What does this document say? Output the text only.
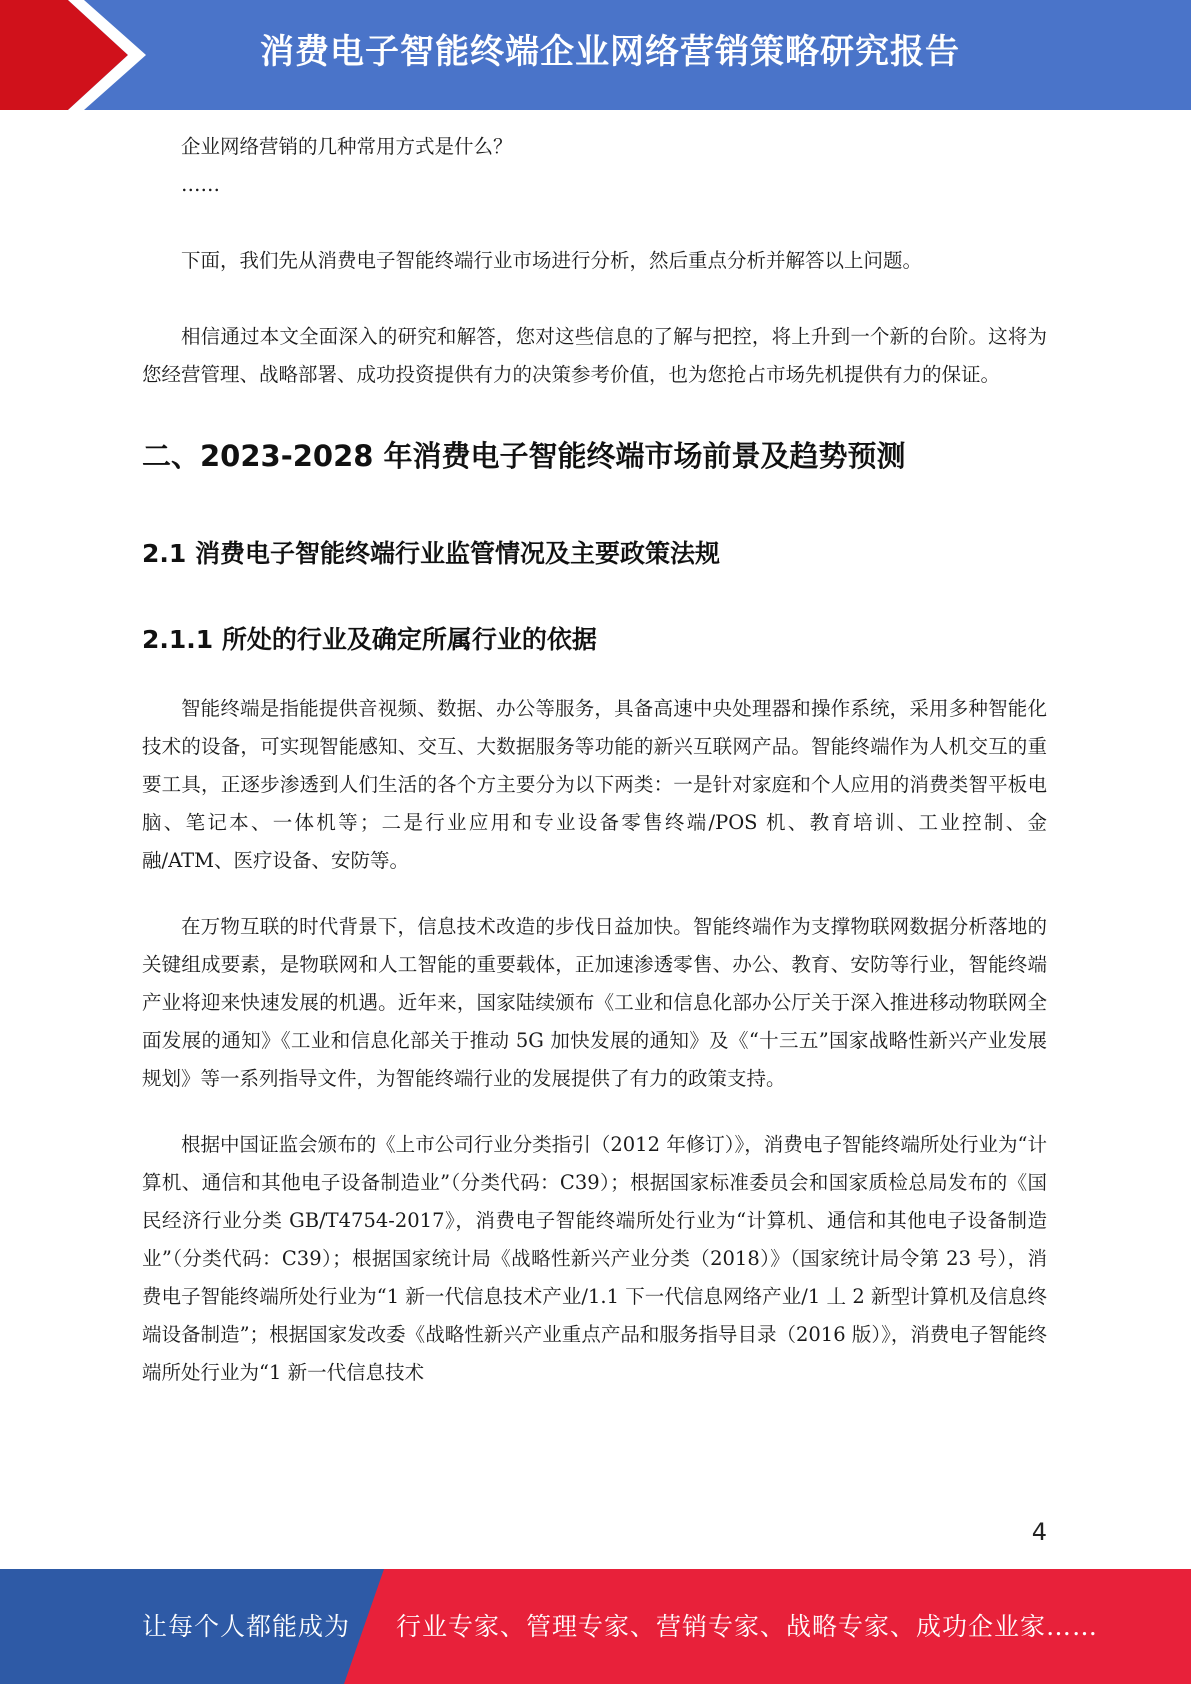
消费电子智能终端企业网络营销策略研究报告

企业网络营销的几种常用方式是什么？

……

下面，我们先从消费电子智能终端行业市场进行分析，然后重点分析并解答以上问题。

相信通过本文全面深入的研究和解答，您对这些信息的了解与把控，将上升到一个新的台阶。这将为您经营管理、战略部署、成功投资提供有力的决策参考价值，也为您抢占市场先机提供有力的保证。

二、2023-2028 年消费电子智能终端市场前景及趋势预测
2.1 消费电子智能终端行业监管情况及主要政策法规
2.1.1 所处的行业及确定所属行业的依据

智能终端是指能提供音视频、数据、办公等服务，具备高速中央处理器和操作系统，采用多种智能化技术的设备，可实现智能感知、交互、大数据服务等功能的新兴互联网产品。智能终端作为人机交互的重要工具，正逐步渗透到人们生活的各个方主要分为以下两类：一是针对家庭和个人应用的消费类智平板电脑、笔记本、一体机等；二是行业应用和专业设备零售终端/POS 机、教育培训、工业控制、金融/ATM、医疗设备、安防等。

在万物互联的时代背景下，信息技术改造的步伐日益加快。智能终端作为支撑物联网数据分析落地的关键组成要素，是物联网和人工智能的重要载体，正加速渗透零售、办公、教育、安防等行业，智能终端产业将迎来快速发展的机遇。近年来，国家陆续颁布《工业和信息化部办公厅关于深入推进移动物联网全面发展的通知》《工业和信息化部关于推动 5G 加快发展的通知》及《“十三五”国家战略性新兴产业发展规划》等一系列指导文件，为智能终端行业的发展提供了有力的政策支持。

根据中国证监会颁布的《上市公司行业分类指引（2012 年修订）》，消费电子智能终端所处行业为“计算机、通信和其他电子设备制造业”（分类代码：C39）；根据国家标准委员会和国家质检总局发布的《国民经济行业分类 GB/T4754-2017》，消费电子智能终端所处行业为“计算机、通信和其他电子设备制造业”（分类代码：C39）；根据国家统计局《战略性新兴产业分类（2018）》（国家统计局令第 23 号），消费电子智能终端所处行业为“1 新一代信息技术产业/1.1 下一代信息网络产业/1 丄 2 新型计算机及信息终端设备制造”；根据国家发改委《战略性新兴产业重点产品和服务指导目录（2016 版）》，消费电子智能终端所处行业为“1 新一代信息技术

4
让每个人都能成为 行业专家、管理专家、营销专家、战略专家、成功企业家……
